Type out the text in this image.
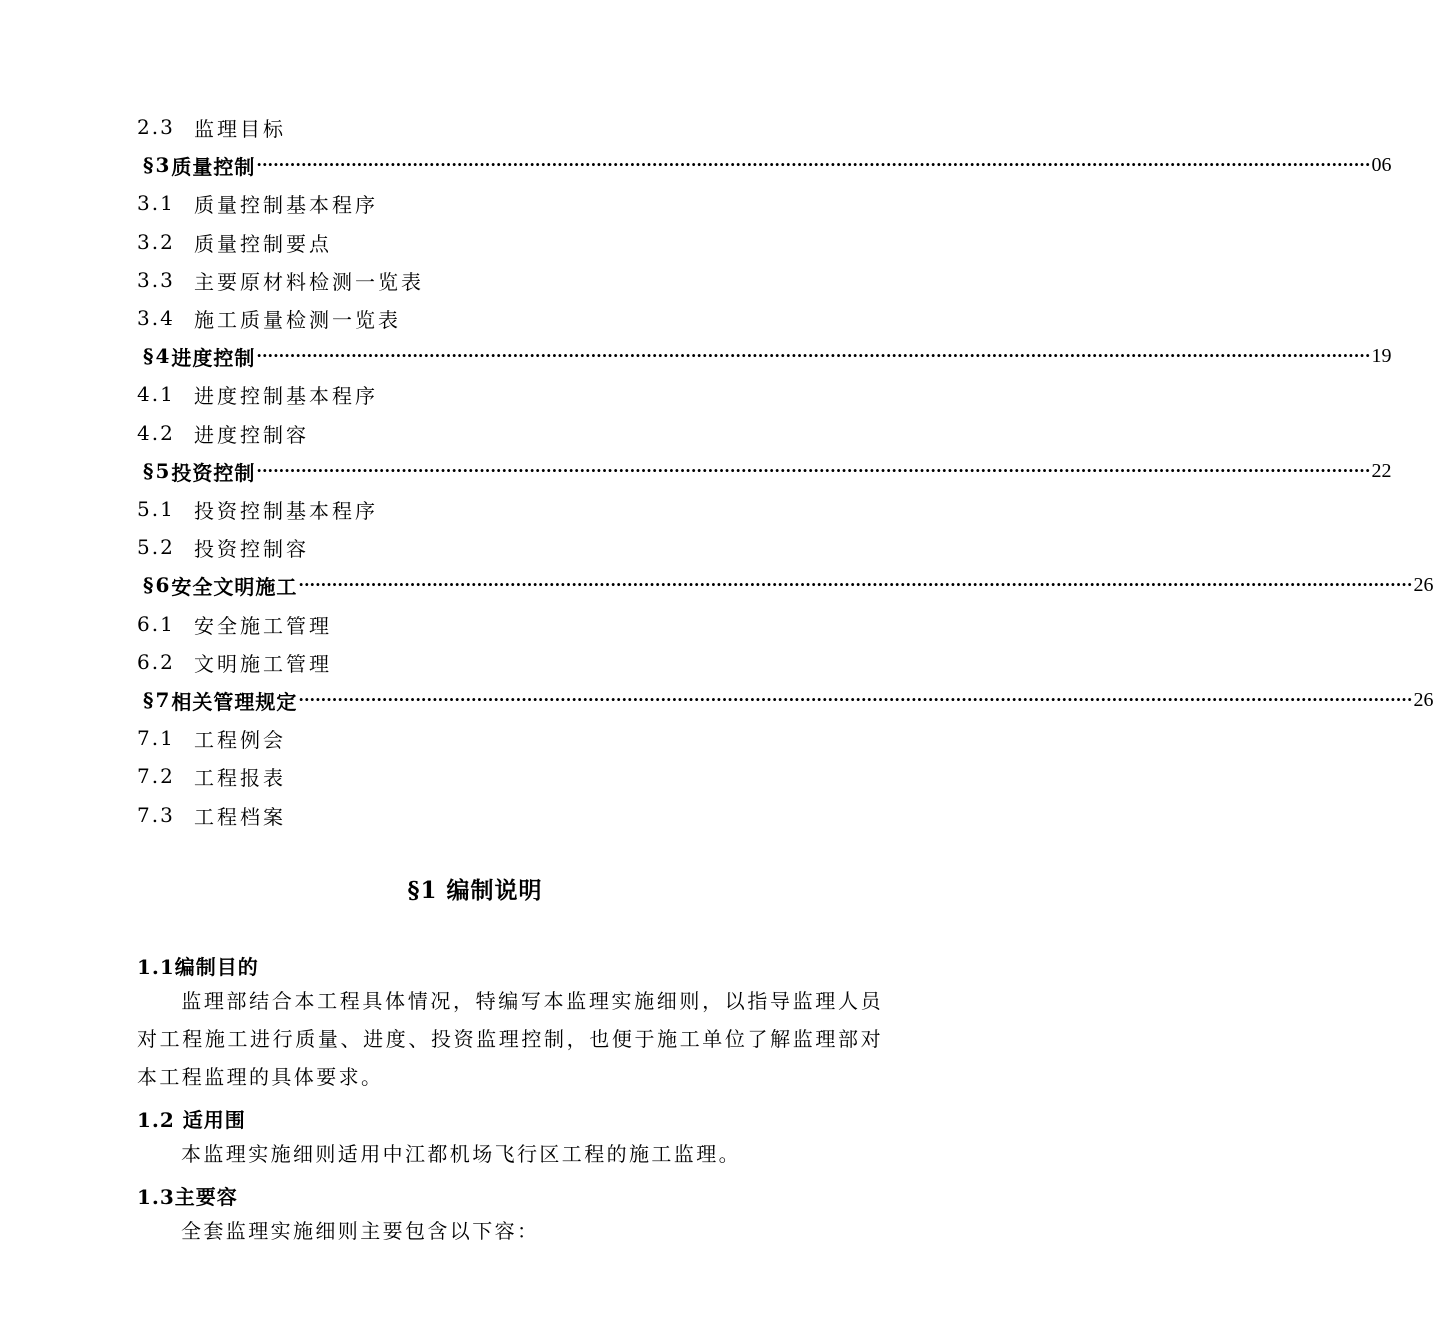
2.3 监理目标
§3 质量控制 ········································································································································································································ 06
3.1 质量控制基本程序
3.2 质量控制要点
3.3 主要原材料检测一览表
3.4 施工质量检测一览表
§4 进度控制 ········································································································································································································ 19
4.1 进度控制基本程序
4.2 进度控制容
§5 投资控制 ········································································································································································································ 22
5.1 投资控制基本程序
5.2 投资控制容
§6 安全文明施工 ········································································································································································································ 26
6.1 安全施工管理
6.2 文明施工管理
§7 相关管理规定 ········································································································································································································ 26
7.1 工程例会
7.2 工程报表
7.3 工程档案
§1 编制说明
1.1编制目的
监理部结合本工程具体情况，特编写本监理实施细则，以指导监理人员对工程施工进行质量、进度、投资监理控制，也便于施工单位了解监理部对本工程监理的具体要求。
1.2 适用围
本监理实施细则适用中江都机场飞行区工程的施工监理。
1.3主要容
全套监理实施细则主要包含以下容：
